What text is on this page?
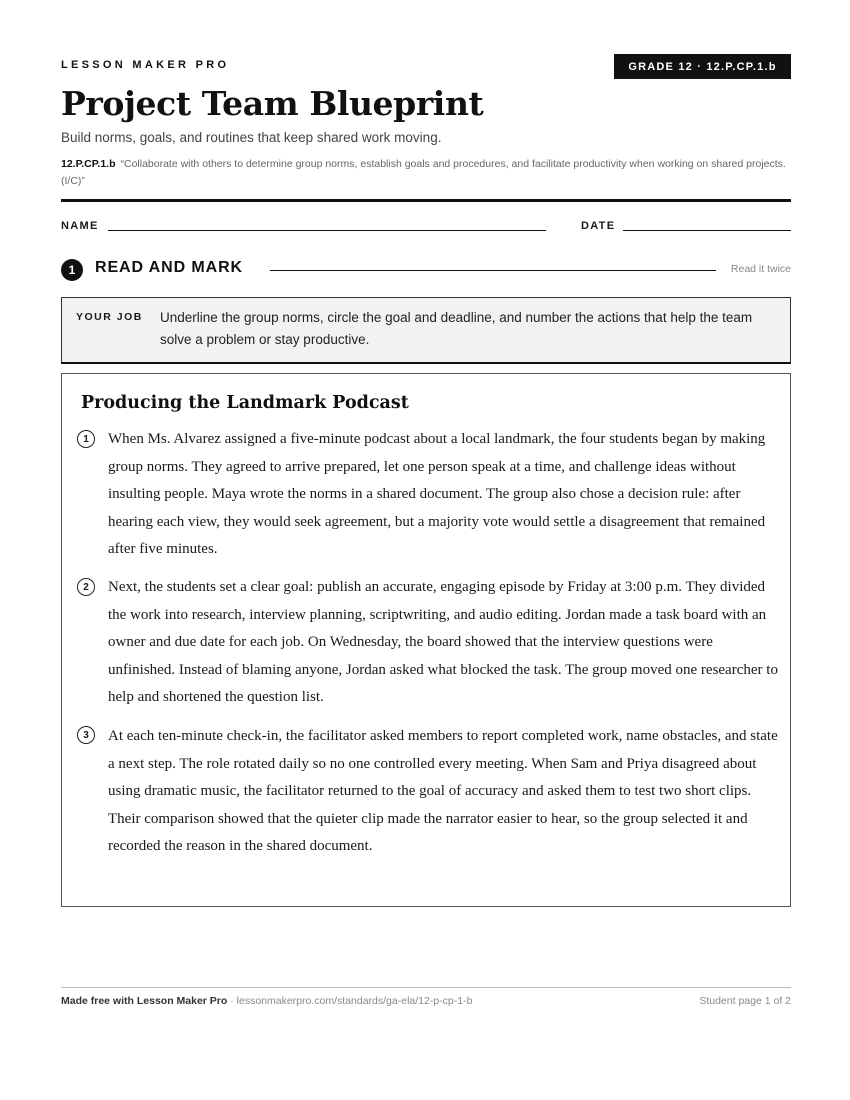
LESSON MAKER PRO	GRADE 12 · 12.P.CP.1.b
Project Team Blueprint
Build norms, goals, and routines that keep shared work moving.
12.P.CP.1.b “Collaborate with others to determine group norms, establish goals and procedures, and facilitate productivity when working on shared projects. (I/C)”
NAME	DATE
1	READ AND MARK	Read it twice
YOUR JOB Underline the group norms, circle the goal and deadline, and number the actions that help the team solve a problem or stay productive.
Producing the Landmark Podcast
1	When Ms. Alvarez assigned a five-minute podcast about a local landmark, the four students began by making group norms. They agreed to arrive prepared, let one person speak at a time, and challenge ideas without insulting people. Maya wrote the norms in a shared document. The group also chose a decision rule: after hearing each view, they would seek agreement, but a majority vote would settle a disagreement that remained after five minutes.
2	Next, the students set a clear goal: publish an accurate, engaging episode by Friday at 3:00 p.m. They divided the work into research, interview planning, scriptwriting, and audio editing. Jordan made a task board with an owner and due date for each job. On Wednesday, the board showed that the interview questions were unfinished. Instead of blaming anyone, Jordan asked what blocked the task. The group moved one researcher to help and shortened the question list.
3	At each ten-minute check-in, the facilitator asked members to report completed work, name obstacles, and state a next step. The role rotated daily so no one controlled every meeting. When Sam and Priya disagreed about using dramatic music, the facilitator returned to the goal of accuracy and asked them to test two short clips. Their comparison showed that the quieter clip made the narrator easier to hear, so the group selected it and recorded the reason in the shared document.
Made free with Lesson Maker Pro · lessonmakerpro.com/standards/ga-ela/12-p-cp-1-b	Student page 1 of 2
